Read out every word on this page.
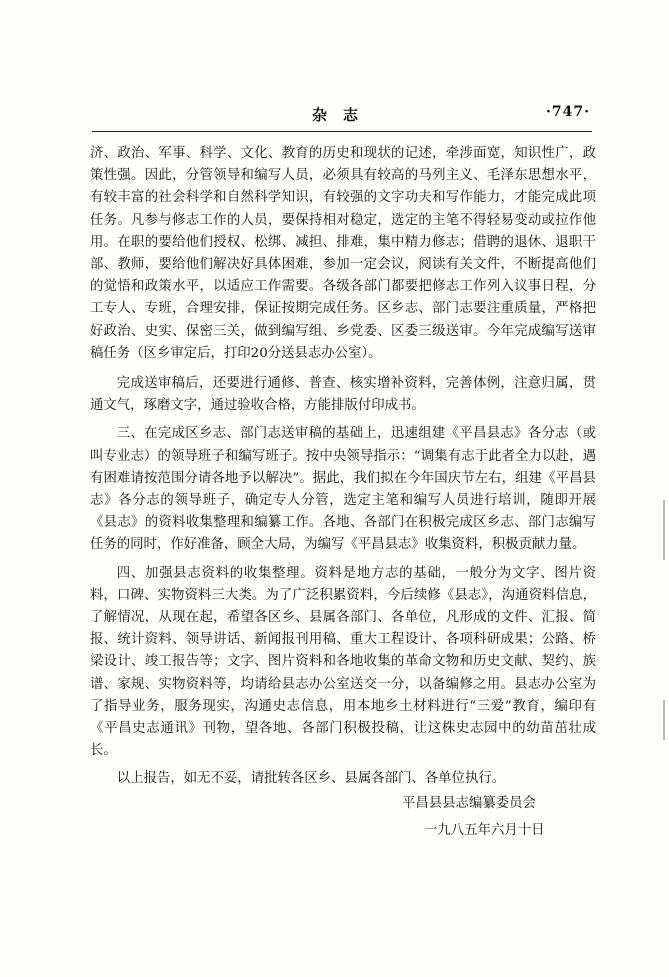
杂志	·747·

济、政治、军事、科学、文化、教育的历史和现状的记述，牵涉面宽，知识性广，政策性强。因此，分管领导和编写人员，必须具有较高的马列主义、毛泽东思想水平，有较丰富的社会科学和自然科学知识，有较强的文字功夫和写作能力，才能完成此项任务。凡参与修志工作的人员，要保持相对稳定，选定的主笔不得轻易变动或拉作他用。在职的要给他们授权、松绑、减担、排难，集中精力修志；借聘的退休、退职干部、教师，要给他们解决好具体困难，参加一定会议，阅读有关文件，不断提高他们的觉悟和政策水平，以适应工作需要。各级各部门都要把修志工作列入议事日程，分工专人、专班，合理安排，保证按期完成任务。区乡志、部门志要注重质量，严格把好政治、史实、保密三关，做到编写组、乡党委、区委三级送审。今年完成编写送审稿任务（区乡审定后，打印20分送县志办公室）。

完成送审稿后，还要进行通修、普查、核实增补资料，完善体例，注意归属，贯通文气，琢磨文字，通过验收合格，方能排版付印成书。

三、在完成区乡志、部门志送审稿的基础上，迅速组建《平昌县志》各分志（或叫专业志）的领导班子和编写班子。按中央领导指示：“调集有志于此者全力以赴，遇有困难请按范围分请各地予以解决”。据此，我们拟在今年国庆节左右，组建《平昌县志》各分志的领导班子，确定专人分管，选定主笔和编写人员进行培训，随即开展《县志》的资料收集整理和编纂工作。各地、各部门在积极完成区乡志、部门志编写任务的同时，作好准备，顾全大局，为编写《平昌县志》收集资料，积极贡献力量。

四、加强县志资料的收集整理。资料是地方志的基础，一般分为文字、图片资料，口碑、实物资料三大类。为了广泛积累资料，今后续修《县志》，沟通资料信息，了解情况，从现在起，希望各区乡、县属各部门、各单位，凡形成的文件、汇报、简报、统计资料、领导讲话、新闻报刊用稿、重大工程设计、各项科研成果；公路、桥梁设计、竣工报告等；文字、图片资料和各地收集的革命文物和历史文献、契约、族谱、家规、实物资料等，均请给县志办公室送交一分，以备编修之用。县志办公室为了指导业务，服务现实，沟通史志信息，用本地乡土材料进行“三爱”教育，编印有《平昌史志通讯》刊物，望各地、各部门积极投稿，让这株史志园中的幼苗茁壮成长。

以上报告，如无不妥，请批转各区乡、县属各部门、各单位执行。

平昌县县志编纂委员会
一九八五年六月十日
